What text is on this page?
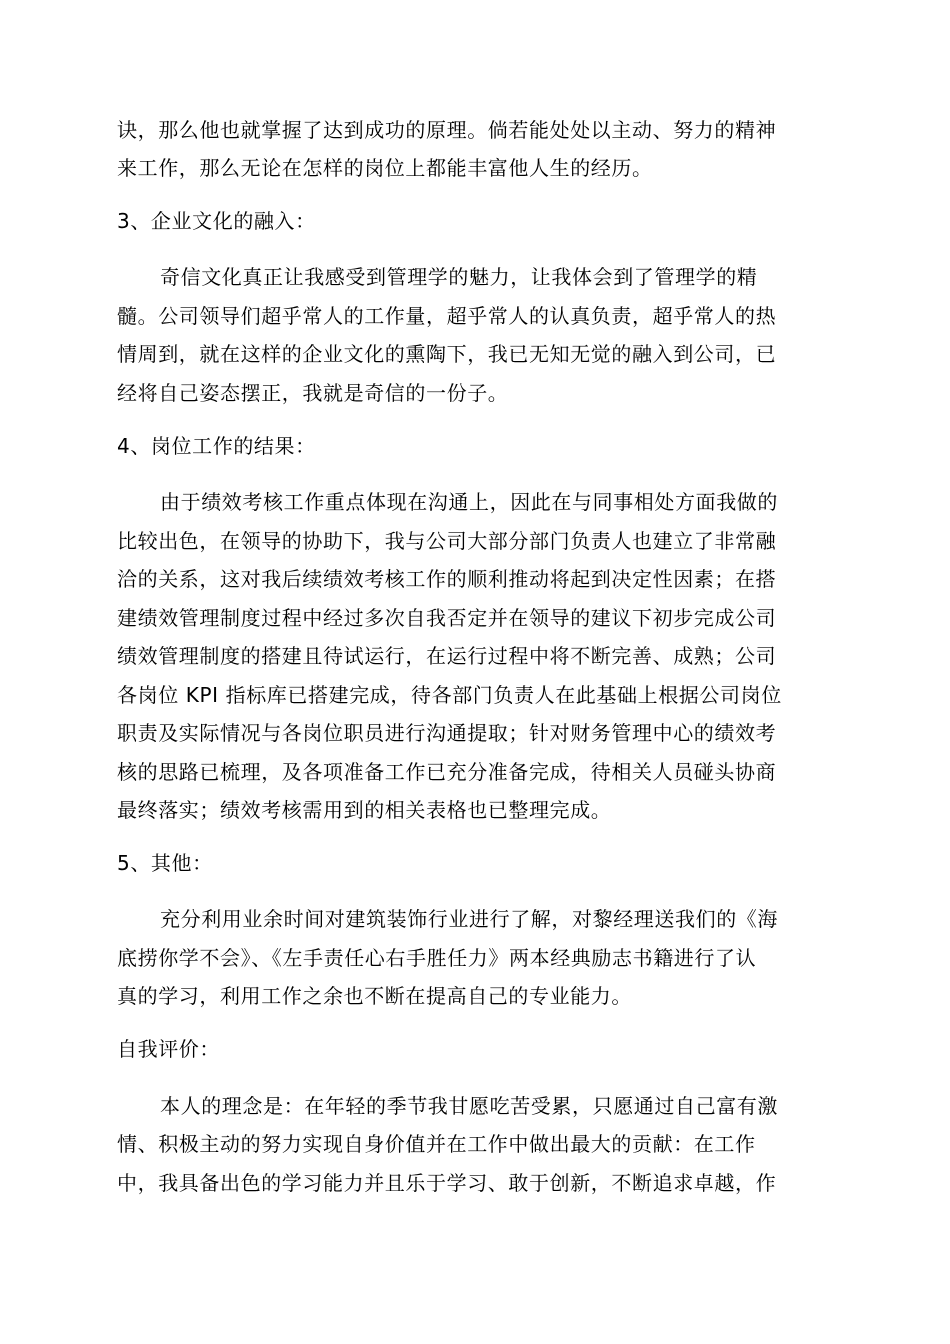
诀，那么他也就掌握了达到成功的原理。倘若能处处以主动、努力的精神
来工作，那么无论在怎样的岗位上都能丰富他人生的经历。
3、企业文化的融入：
奇信文化真正让我感受到管理学的魅力，让我体会到了管理学的精
髓。公司领导们超乎常人的工作量，超乎常人的认真负责，超乎常人的热
情周到，就在这样的企业文化的熏陶下，我已无知无觉的融入到公司，已
经将自己姿态摆正，我就是奇信的一份子。
4、岗位工作的结果：
由于绩效考核工作重点体现在沟通上，因此在与同事相处方面我做的
比较出色，在领导的协助下，我与公司大部分部门负责人也建立了非常融
洽的关系，这对我后续绩效考核工作的顺利推动将起到决定性因素；在搭
建绩效管理制度过程中经过多次自我否定并在领导的建议下初步完成公司
绩效管理制度的搭建且待试运行，在运行过程中将不断完善、成熟；公司
各岗位 KPI 指标库已搭建完成，待各部门负责人在此基础上根据公司岗位
职责及实际情况与各岗位职员进行沟通提取；针对财务管理中心的绩效考
核的思路已梳理，及各项准备工作已充分准备完成，待相关人员碰头协商
最终落实；绩效考核需用到的相关表格也已整理完成。
5、其他：
充分利用业余时间对建筑装饰行业进行了解，对黎经理送我们的《海
底捞你学不会》、《左手责任心右手胜任力》两本经典励志书籍进行了认
真的学习，利用工作之余也不断在提高自己的专业能力。
自我评价：
本人的理念是：在年轻的季节我甘愿吃苦受累，只愿通过自己富有激
情、积极主动的努力实现自身价值并在工作中做出最大的贡献：在工作
中，我具备出色的学习能力并且乐于学习、敢于创新，不断追求卓越，作
